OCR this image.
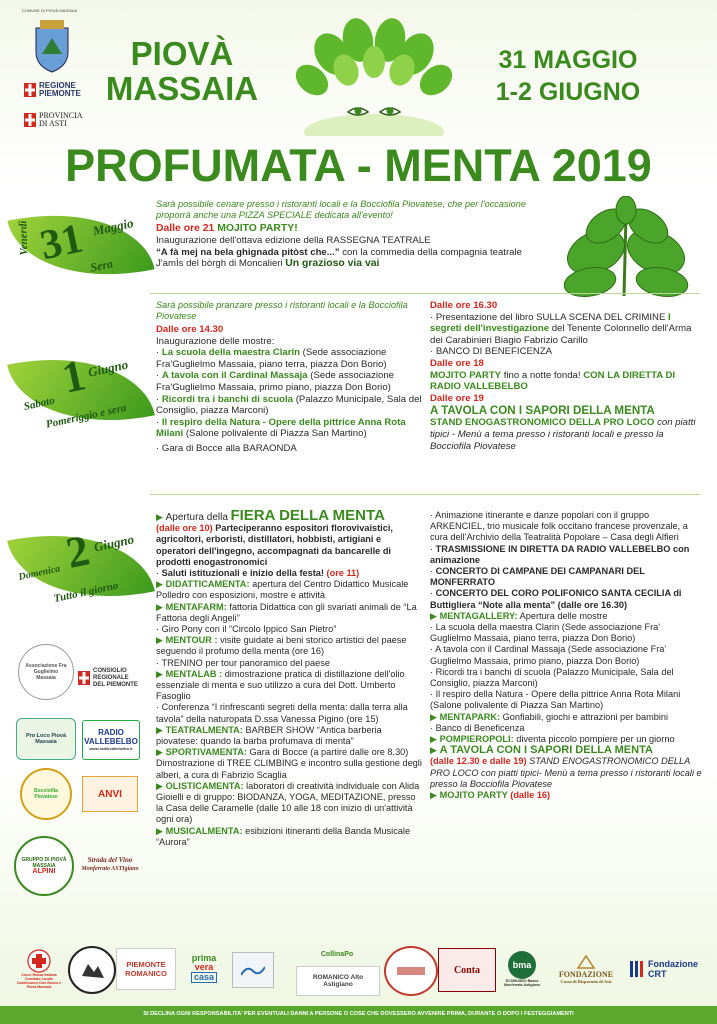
COMUNE DI PIOVÀ MASSAIA
REGIONE PIEMONTE
PROVINCIA
DI ASTI
PIOVÀ
MASSAIA
31 MAGGIO
1-2 GIUGNO
PROFUMATA - MENTA 2019
Venerdì 31 Maggio
Sera
Sarà possibile cenare presso i ristoranti locali e la Bocciofila Piovatese, che per l'occasione proporrà anche una PIZZA SPECIALE dedicata all'evento!
Dalle ore 21 MOJITO PARTY!
Inaugurazione dell'ottava edizione della RASSEGNA TEATRALE
“A fà mej na bela ghignada pitòst che...” con la commedia della compagnia teatrale J'amÌs del bòrgh di Moncalieri Un grazioso via vai
Sabato
1
Giugno
Pomeriggio e sera
Sarà possibile pranzare presso i ristoranti locali e la Bocciofila Piovatese
Dalle ore 14.30
Inaugurazione delle mostre:
· La scuola della maestra Clarin (Sede associazione Fra'Guglielmo Massaia, piano terra, piazza Don Borio)
· A tavola con il Cardinal Massaja (Sede associazione Fra'Guglielmo Massaia, primo piano, piazza Don Borio)
· Ricordi tra i banchi di scuola (Palazzo Municipale, Sala del Consiglio, piazza Marconi)
· Il respiro della Natura - Opere della pittrice Anna Rota Milani (Salone polivalente di Piazza San Martino)
· Gara di Bocce alla BARAONDA
Dalle ore 16.30
· Presentazione del libro SULLA SCENA DEL CRIMINE I segreti dell'investigazione del Tenente Colonnello dell'Arma dei Carabinieri Biagio Fabrizio Carillo
· BANCO DI BENEFICENZA
Dalle ore 18
MOJITO PARTY fino a notte fonda! CON LA DIRETTA DI RADIO VALLEBELBO
Dalle ore 19
A TAVOLA CON I SAPORI DELLA MENTA
STAND ENOGASTRONOMICO DELLA PRO LOCO con piatti tipici - Menù a tema presso i ristoranti locali e presso la Bocciofila Piovatese
Domenica 2 Giugno
Tutto il giorno
▶ Apertura della FIERA DELLA MENTA
(dalle ore 10) Parteciperanno espositori florovivaistici, agricoltori, erboristi, distillatori, hobbisti, artigiani e operatori dell'ingegno, accompagnati da bancarelle di prodotti enogastronomici
· Saluti istituzionali e inizio della festa! (ore 11)
▶ DIDATTICAMENTA: apertura del Centro Didattico Musicale Polledro con esposizioni, mostre e attività
▶ MENTAFARM: fattoria Didattica con gli svariati animali de “La Fattoria degli Angeli”
· Giro Pony con il “Circolo Ippico San Pietro”
▶ MENTOUR : visite guidate ai beni storico artistici del paese seguendo il profumo della menta (ore 16)
· TRENINO per tour panoramico del paese
▶ MENTALAB : dimostrazione pratica di distillazione dell'olio essenziale di menta e suo utilizzo a cura del Dott. Umberto Fasoglio
· Conferenza “I rinfrescanti segreti della menta: dalla terra alla tavola” della naturopata D.ssa Vanessa Pigino (ore 15)
▶ TEATRALMENTA: BARBER SHOW “Antica barberia piovatese: quando la barba profumava di menta”
▶ SPORTIVAMENTA: Gara di Bocce (a partire dalle ore 8.30) Dimostrazione di TREE CLIMBING e incontro sulla gestione degli alberi, a cura di Fabrizio Scaglia
▶ OLISTICAMENTA: laboratori di creatività individuale con Alida Gioielli e di gruppo: BIODANZA, YOGA, MEDITAZIONE, presso la Casa delle Caramelle (dalle 10 alle 18 con inizio di un'attività ogni ora)
▶ MUSICALMENTA: esibizioni itineranti della Banda Musicale “Aurora”
· Animazione itinerante e danze popolari con il gruppo ARKENCIEL, trio musicale folk occitano francese provenzale, a cura dell'Archivio della Teatralità Popolare – Casa degli Alfieri
· TRASMISSIONE IN DIRETTA DA RADIO VALLEBELBO con animazione
· CONCERTO DI CAMPANE DEI CAMPANARI DEL MONFERRATO
· CONCERTO DEL CORO POLIFONICO SANTA CECILIA di Buttigliera “Note alla menta” (dalle ore 16.30)
▶ MENTAGALLERY: Apertura delle mostre
· La scuola della maestra Clarin (Sede associazione Fra' Guglielmo Massaia, piano terra, piazza Don Borio)
· A tavola con il Cardinal Massaja (Sede associazione Fra' Guglielmo Massaia, primo piano, piazza Don Borio)
· Ricordi tra i banchi di scuola (Palazzo Municipale, Sala del Consiglio, piazza Marconi)
· Il respiro della Natura - Opere della pittrice Anna Rota Milani (Salone polivalente di Piazza San Martino)
▶ MENTAPARK: Gonfiabili, giochi e attrazioni per bambini
· Banco di Beneficenza
▶ POMPIEROPOLI: diventa piccolo pompiere per un giorno
▶ A TAVOLA CON I SAPORI DELLA MENTA
(dalle 12.30 e dalle 19) STAND ENOGASTRONOMICO DELLA PRO LOCO con piatti tipici- Menù a tema presso i ristoranti locali e presso la Bocciofila Piovatese
▶ MOJITO PARTY (dalle 16)
Associazione Fra Guglielmo Massaia
CONSIGLIO
REGIONALE
DEL PIEMONTE
Pro Loco Piovà Massaia
RADIO
VALLEBELBO
www.radiovallebelbo.it
Bocciofila Piovatese	ANVI
GRUPPO DI PIOVÀ MASSAIA
ALPINI
Strada del Vino
Monferrato ASTIgiano
Croce Rossa Italiana Comitato Locale Castelnuovo Don Bosco e Piovà Massaia
PIEMONTE
ROMANICO
prima
vera
casa
CollinaPo
ROMANICO Alto Astigiano
Conta	bma
ECOMUSEO Basso Monferrato Astigiano
FONDAZIONE
Cassa di Risparmio di Asti
Fondazione
CRT
SI DECLINA OGNI RESPONSABILITA' PER EVENTUALI DANNI A PERSONE O COSE CHE DOVESSERO AVVENIRE PRIMA, DURANTE O DOPO I FESTEGGIAMENTI
